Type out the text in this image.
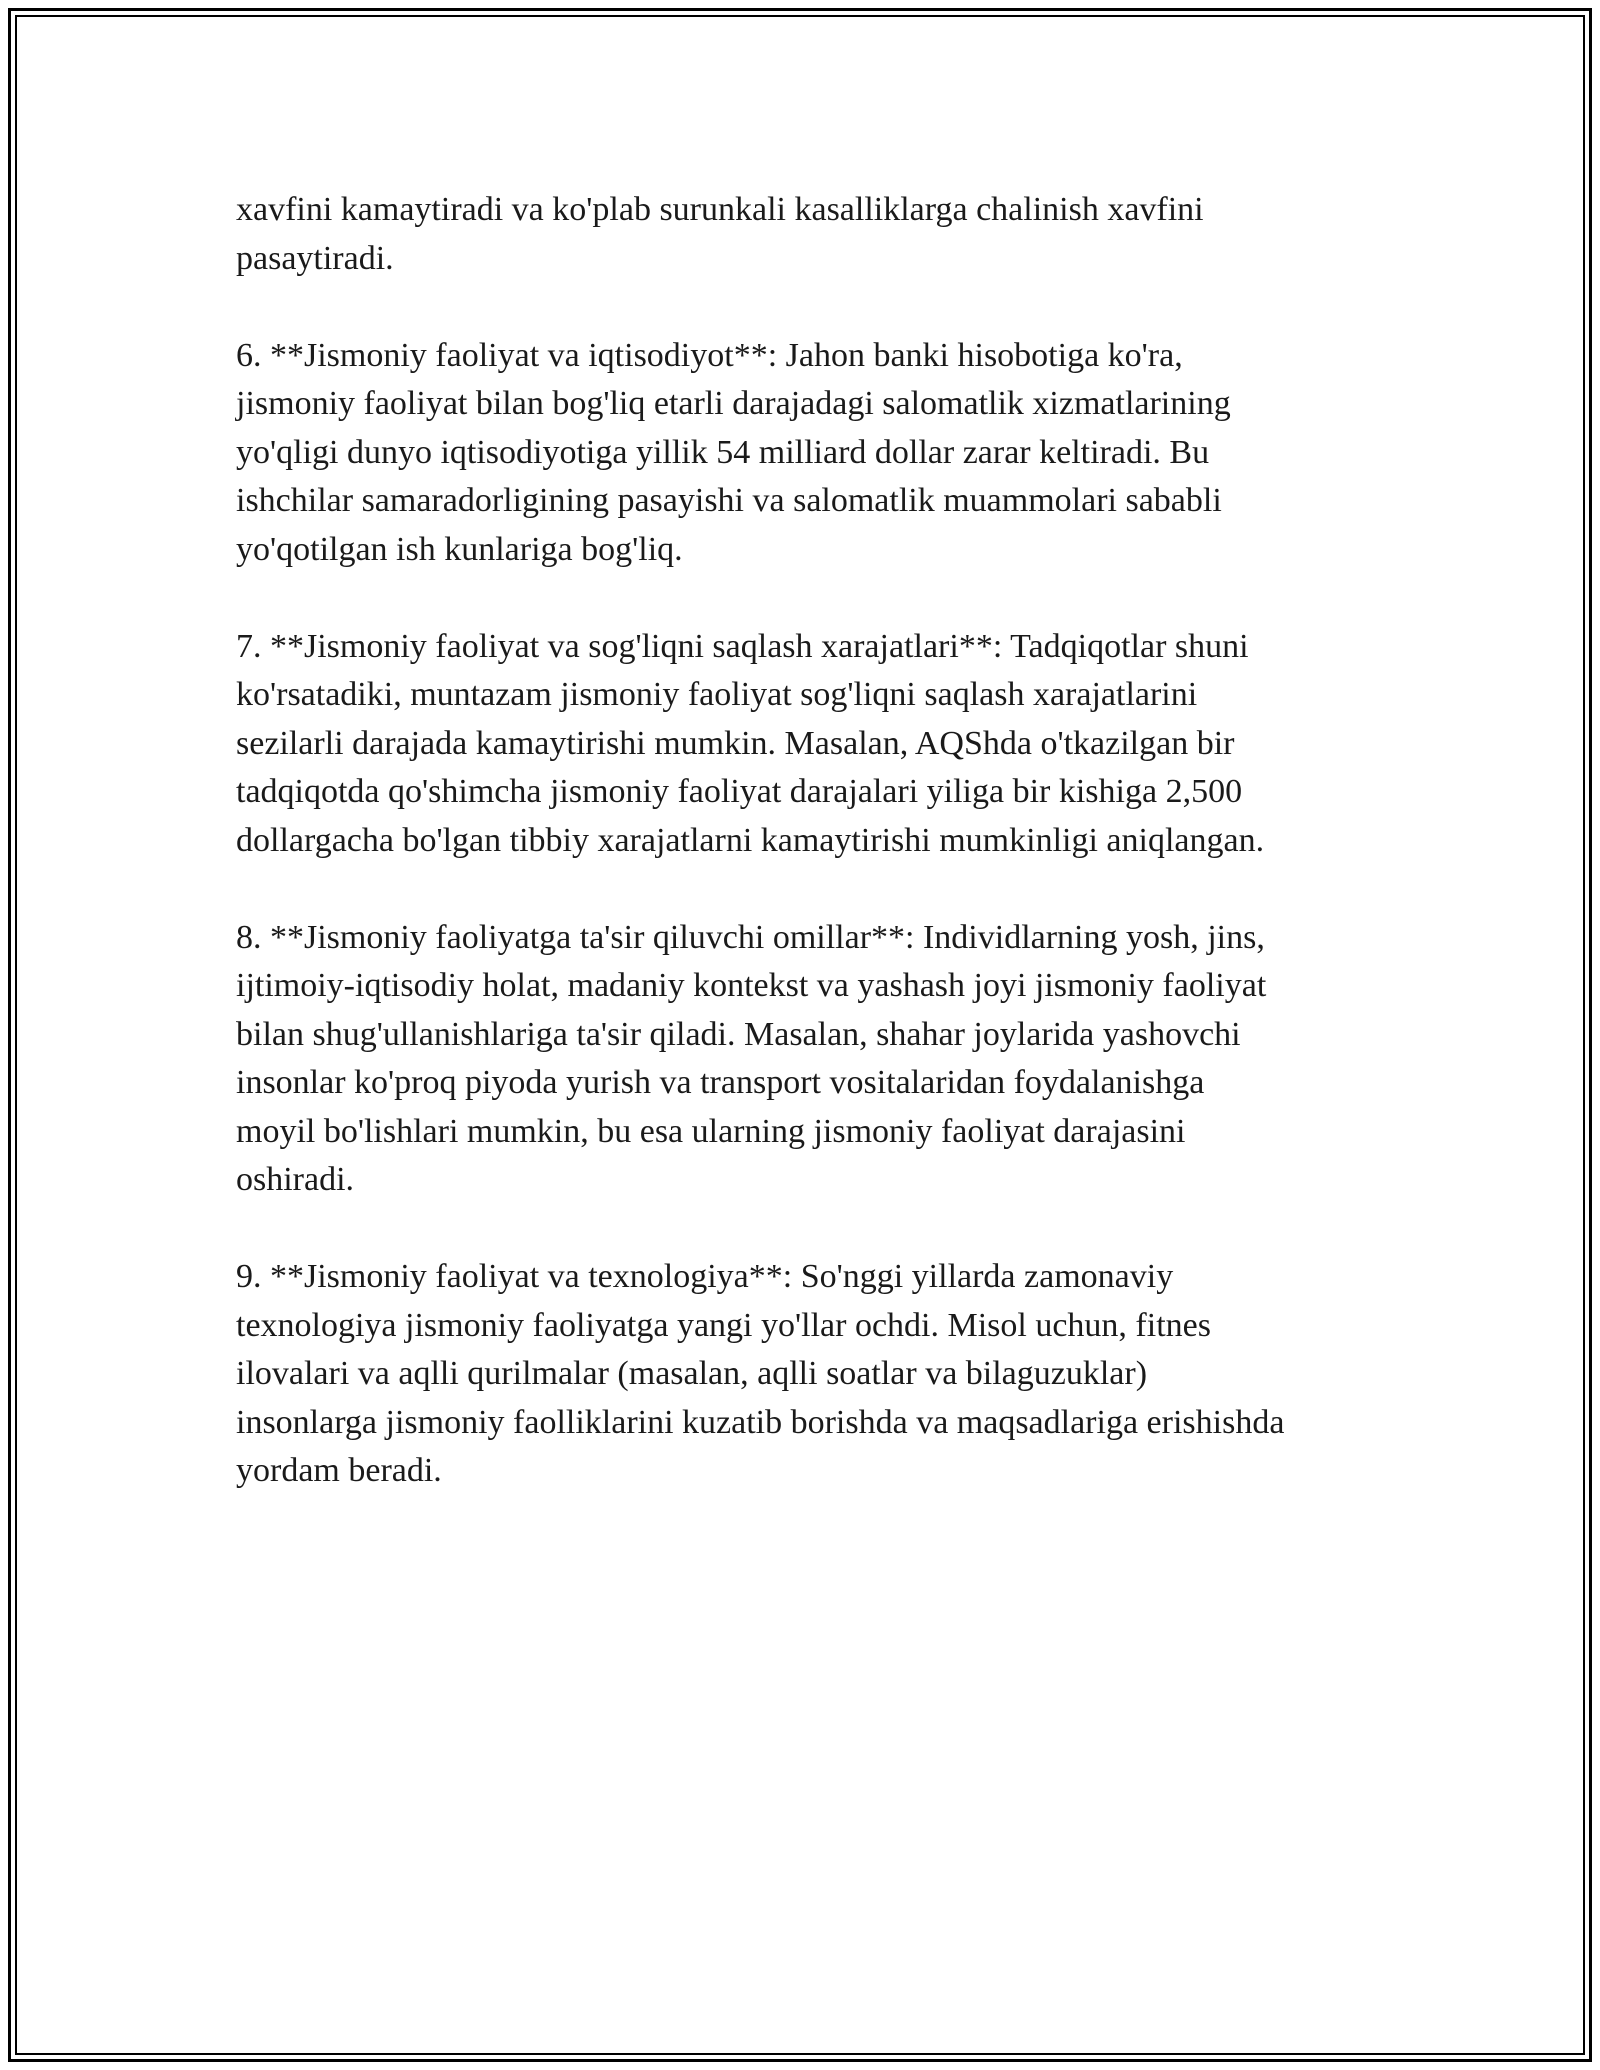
xavfini kamaytiradi va ko'plab surunkali kasalliklarga chalinish xavfini
pasaytiradi.

6. **Jismoniy faoliyat va iqtisodiyot**: Jahon banki hisobotiga ko'ra,
jismoniy faoliyat bilan bog'liq etarli darajadagi salomatlik xizmatlarining
yo'qligi dunyo iqtisodiyotiga yillik 54 milliard dollar zarar keltiradi. Bu
ishchilar samaradorligining pasayishi va salomatlik muammolari sababli
yo'qotilgan ish kunlariga bog'liq.

7. **Jismoniy faoliyat va sog'liqni saqlash xarajatlari**: Tadqiqotlar shuni
ko'rsatadiki, muntazam jismoniy faoliyat sog'liqni saqlash xarajatlarini
sezilarli darajada kamaytirishi mumkin. Masalan, AQShda o'tkazilgan bir
tadqiqotda qo'shimcha jismoniy faoliyat darajalari yiliga bir kishiga 2,500
dollargacha bo'lgan tibbiy xarajatlarni kamaytirishi mumkinligi aniqlangan.

8. **Jismoniy faoliyatga ta'sir qiluvchi omillar**: Individlarning yosh, jins,
ijtimoiy-iqtisodiy holat, madaniy kontekst va yashash joyi jismoniy faoliyat
bilan shug'ullanishlariga ta'sir qiladi. Masalan, shahar joylarida yashovchi
insonlar ko'proq piyoda yurish va transport vositalaridan foydalanishga
moyil bo'lishlari mumkin, bu esa ularning jismoniy faoliyat darajasini
oshiradi.

9. **Jismoniy faoliyat va texnologiya**: So'nggi yillarda zamonaviy
texnologiya jismoniy faoliyatga yangi yo'llar ochdi. Misol uchun, fitnes
ilovalari va aqlli qurilmalar (masalan, aqlli soatlar va bilaguzuklar)
insonlarga jismoniy faolliklarini kuzatib borishda va maqsadlariga erishishda
yordam beradi.
